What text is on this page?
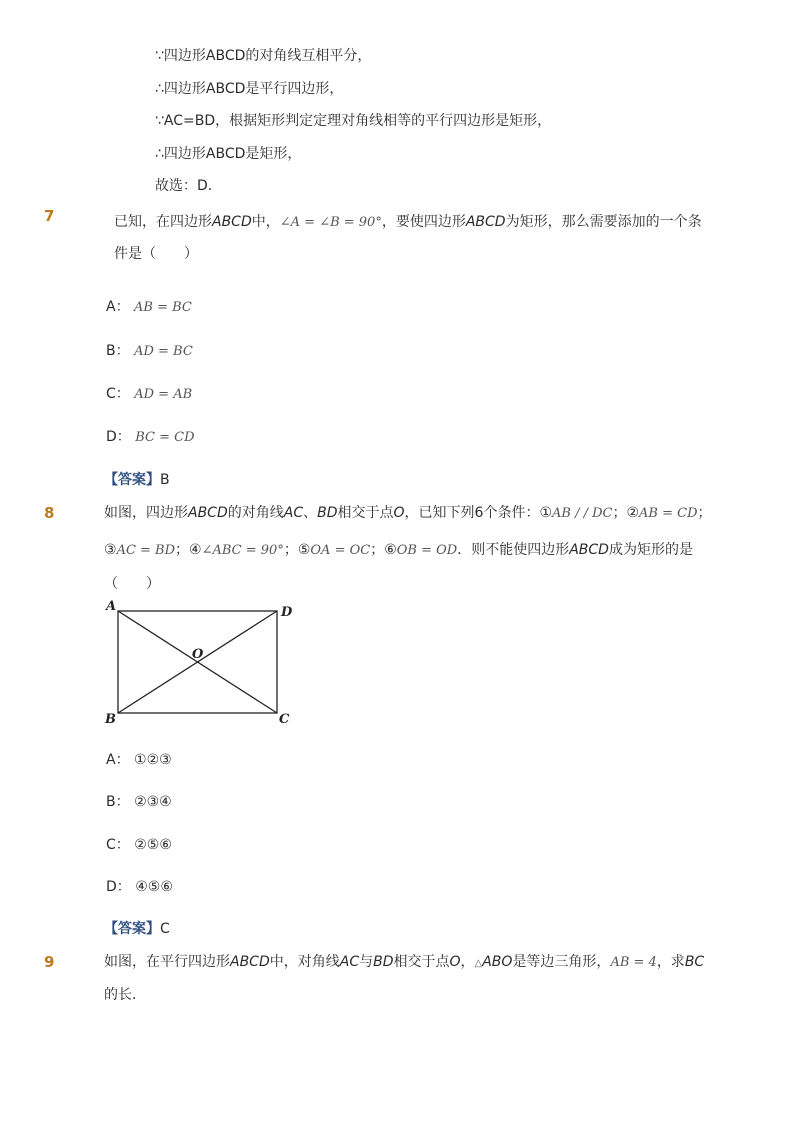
∵四边形ABCD的对角线互相平分，
∴四边形ABCD是平行四边形，
∵AC=BD，根据矩形判定定理对角线相等的平行四边形是矩形，
∴四边形ABCD是矩形，
故选：D．
7	已知，在四边形ABCD中，∠A = ∠B = 90°，要使四边形ABCD为矩形，那么需要添加的一个条
件是（　　）
A： AB = BC
B： AD = BC
C： AD = AB
D： BC = CD
【答案】B
8	如图，四边形ABCD的对角线AC、BD相交于点O，已知下列6个条件：①AB / / DC；②AB = CD；
③AC = BD；④∠ABC = 90°；⑤OA = OC；⑥OB = OD．则不能使四边形ABCD成为矩形的是
（　　）
A	D
O
B	C
A： ①②③
B： ②③④
C： ②⑤⑥
D： ④⑤⑥
【答案】C
9	如图，在平行四边形ABCD中，对角线AC与BD相交于点O，△ABO是等边三角形，AB = 4，求BC
的长．
